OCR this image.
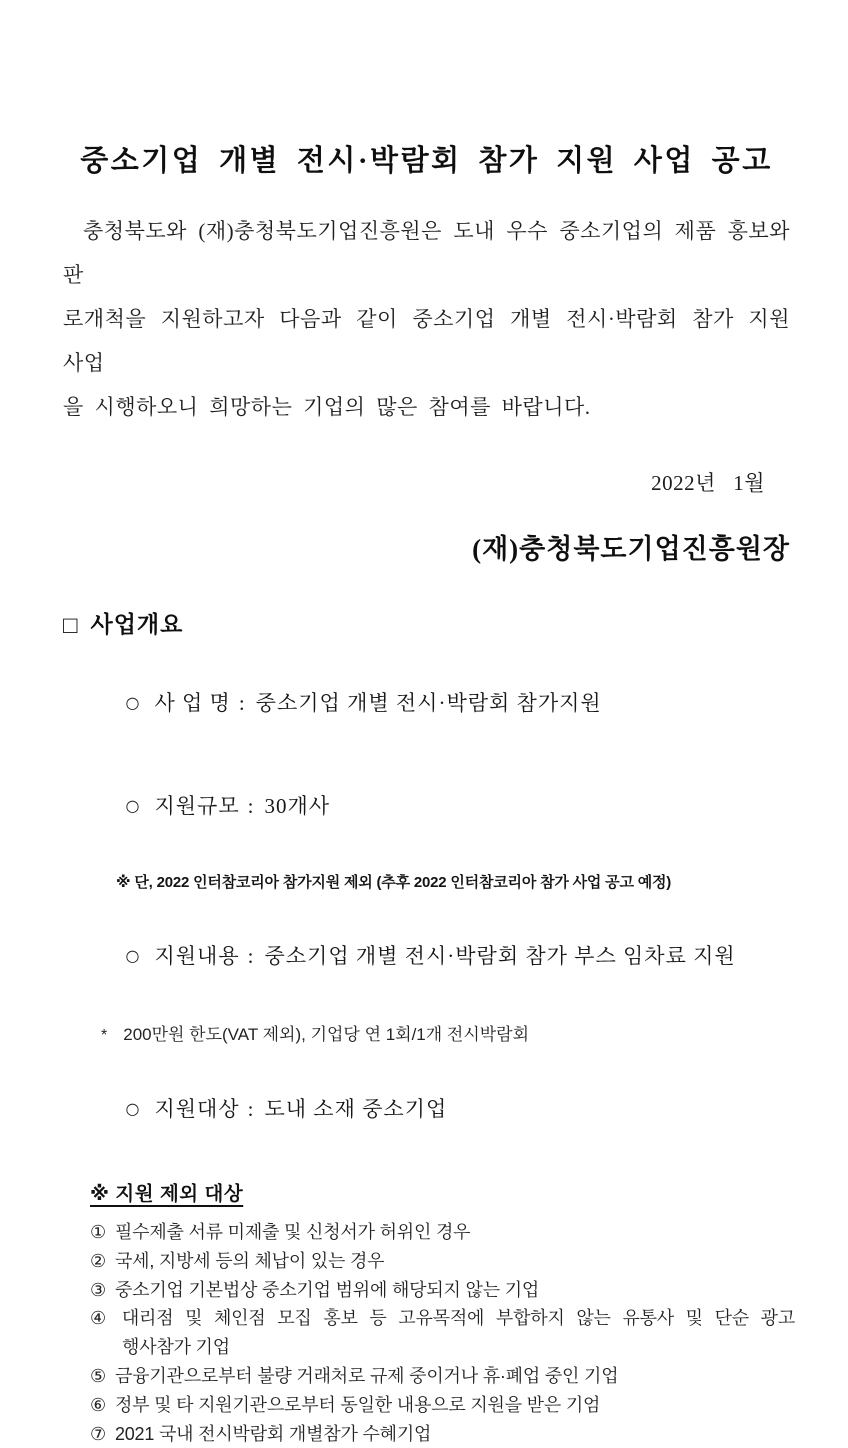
중소기업 개별 전시·박람회 참가 지원 사업 공고
충청북도와 (재)충청북도기업진흥원은 도내 우수 중소기업의 제품 홍보와 판
로개척을 지원하고자 다음과 같이 중소기업 개별 전시·박람회 참가 지원 사업
을 시행하오니 희망하는 기업의 많은 참여를 바랍니다.
2022년   1월
(재)충청북도기업진흥원장
□ 사업개요

○ 사 업 명 : 중소기업 개별 전시·박람회 참가지원

○ 지원규모 : 30개사

※ 단, 2022 인터참코리아 참가지원 제외 (추후 2022 인터참코리아 참가 사업 공고 예정)

○ 지원내용 : 중소기업 개별 전시·박람회 참가 부스 임차료 지원

* 200만원 한도(VAT 제외), 기업당 연 1회/1개 전시박람회

○ 지원대상 : 도내 소재 중소기업

※ 지원 제외 대상
① 필수제출 서류 미제출 및 신청서가 허위인 경우
② 국세, 지방세 등의 체납이 있는 경우
③ 중소기업 기본법상 중소기업 범위에 해당되지 않는 기업
④ 대리점 및 체인점 모집 홍보 등 고유목적에 부합하지 않는 유통사 및 단순 광고
행사참가 기업
⑤ 금융기관으로부터 불량 거래처로 규제 중이거나 휴·폐업 중인 기업
⑥ 정부 및 타 지원기관으로부터 동일한 내용으로 지원을 받은 기엄
⑦ 2021 국내 전시박람회 개별참가 수혜기업
